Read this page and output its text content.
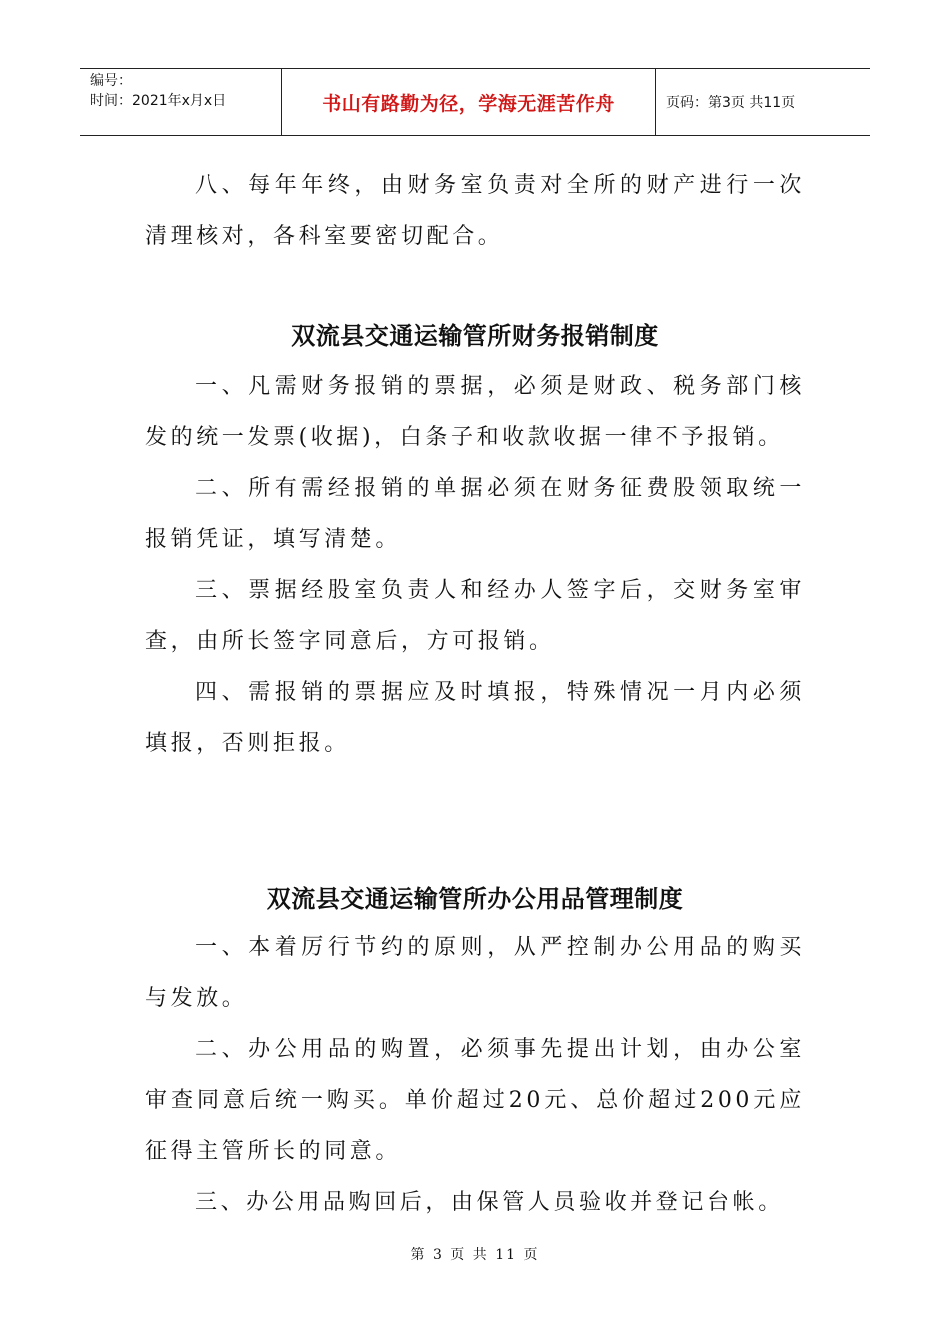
编号：
时间：2021年x月x日	书山有路勤为径，学海无涯苦作舟	页码：第3页 共11页

八、每年年终，由财务室负责对全所的财产进行一次清理核对，各科室要密切配合。

双流县交通运输管所财务报销制度

一、凡需财务报销的票据，必须是财政、税务部门核发的统一发票(收据)，白条子和收款收据一律不予报销。

二、所有需经报销的单据必须在财务征费股领取统一报销凭证，填写清楚。

三、票据经股室负责人和经办人签字后，交财务室审查，由所长签字同意后，方可报销。

四、需报销的票据应及时填报，特殊情况一月内必须填报，否则拒报。

双流县交通运输管所办公用品管理制度

一、本着厉行节约的原则，从严控制办公用品的购买与发放。

二、办公用品的购置，必须事先提出计划，由办公室审查同意后统一购买。单价超过20元、总价超过200元应征得主管所长的同意。

三、办公用品购回后，由保管人员验收并登记台帐。

第 3 页 共 11 页
